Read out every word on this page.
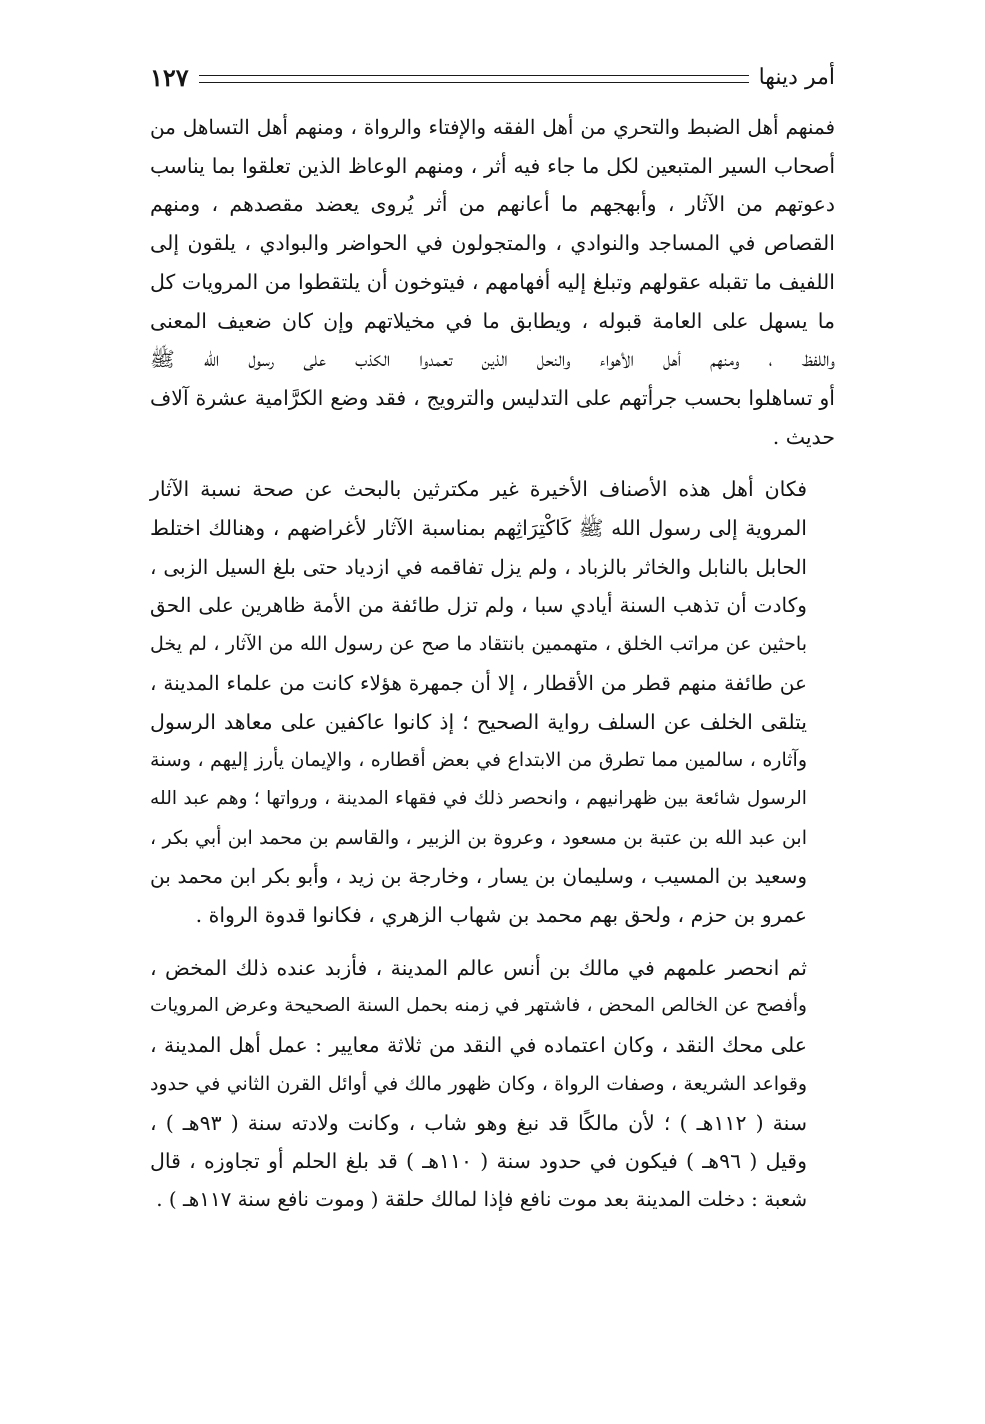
أمر دينها
١٢٧

فمنهم أهل الضبط والتحري من أهل الفقه والإفتاء والرواة ، ومنهم أهل التساهل من
أصحاب السير المتبعين لكل ما جاء فيه أثر ، ومنهم الوعاظ الذين تعلقوا بما يناسب
دعوتهم من الآثار ، وأبهجهم ما أعانهم من أثر يُروى يعضد مقصدهم ، ومنهم
القصاص في المساجد والنوادي ، والمتجولون في الحواضر والبوادي ، يلقون إلى
اللفيف ما تقبله عقولهم وتبلغ إليه أفهامهم ، فيتوخون أن يلتقطوا من المرويات كل
ما يسهل على العامة قبوله ، ويطابق ما في مخيلاتهم وإن كان ضعيف المعنى
واللفظ ، ومنهم أهل الأهواء والنحل الذين تعمدوا الكذب على رسول الله ﷺ
أو تساهلوا بحسب جرأتهم على التدليس والترويج ، فقد وضع الكرَّامية عشرة آلاف
حديث .

فكان أهل هذه الأصناف الأخيرة غير مكترثين بالبحث عن صحة نسبة الآثار
المروية إلى رسول الله ﷺ كَاكْتِرَاثِهم بمناسبة الآثار لأغراضهم ، وهنالك اختلط
الحابل بالنابل والخاثر بالزباد ، ولم يزل تفاقمه في ازدياد حتى بلغ السيل الزبى ،
وكادت أن تذهب السنة أيادي سبا ، ولم تزل طائفة من الأمة ظاهرين على الحق
باحثين عن مراتب الخلق ، متهممين بانتقاد ما صح عن رسول الله من الآثار ، لم يخل
عن طائفة منهم قطر من الأقطار ، إلا أن جمهرة هؤلاء كانت من علماء المدينة ،
يتلقى الخلف عن السلف رواية الصحيح ؛ إذ كانوا عاكفين على معاهد الرسول
وآثاره ، سالمين مما تطرق من الابتداع في بعض أقطاره ، والإيمان يأرز إليهم ، وسنة
الرسول شائعة بين ظهرانيهم ، وانحصر ذلك في فقهاء المدينة ، ورواتها ؛ وهم عبد الله
ابن عبد الله بن عتبة بن مسعود ، وعروة بن الزبير ، والقاسم بن محمد ابن أبي بكر ،
وسعيد بن المسيب ، وسليمان بن يسار ، وخارجة بن زيد ، وأبو بكر ابن محمد بن
عمرو بن حزم ، ولحق بهم محمد بن شهاب الزهري ، فكانوا قدوة الرواة .

ثم انحصر علمهم في مالك بن أنس عالم المدينة ، فأزبد عنده ذلك المخض ،
وأفصح عن الخالص المحض ، فاشتهر في زمنه بحمل السنة الصحيحة وعرض المرويات
على محك النقد ، وكان اعتماده في النقد من ثلاثة معايير : عمل أهل المدينة ،
وقواعد الشريعة ، وصفات الرواة ، وكان ظهور مالك في أوائل القرن الثاني في حدود
سنة ( ١١٢هـ ) ؛ لأن مالكًا قد نبغ وهو شاب ، وكانت ولادته سنة ( ٩٣هـ ) ،
وقيل ( ٩٦هـ ) فيكون في حدود سنة ( ١١٠هـ ) قد بلغ الحلم أو تجاوزه ، قال
شعبة : دخلت المدينة بعد موت نافع فإذا لمالك حلقة ( وموت نافع سنة ١١٧هـ ) .
